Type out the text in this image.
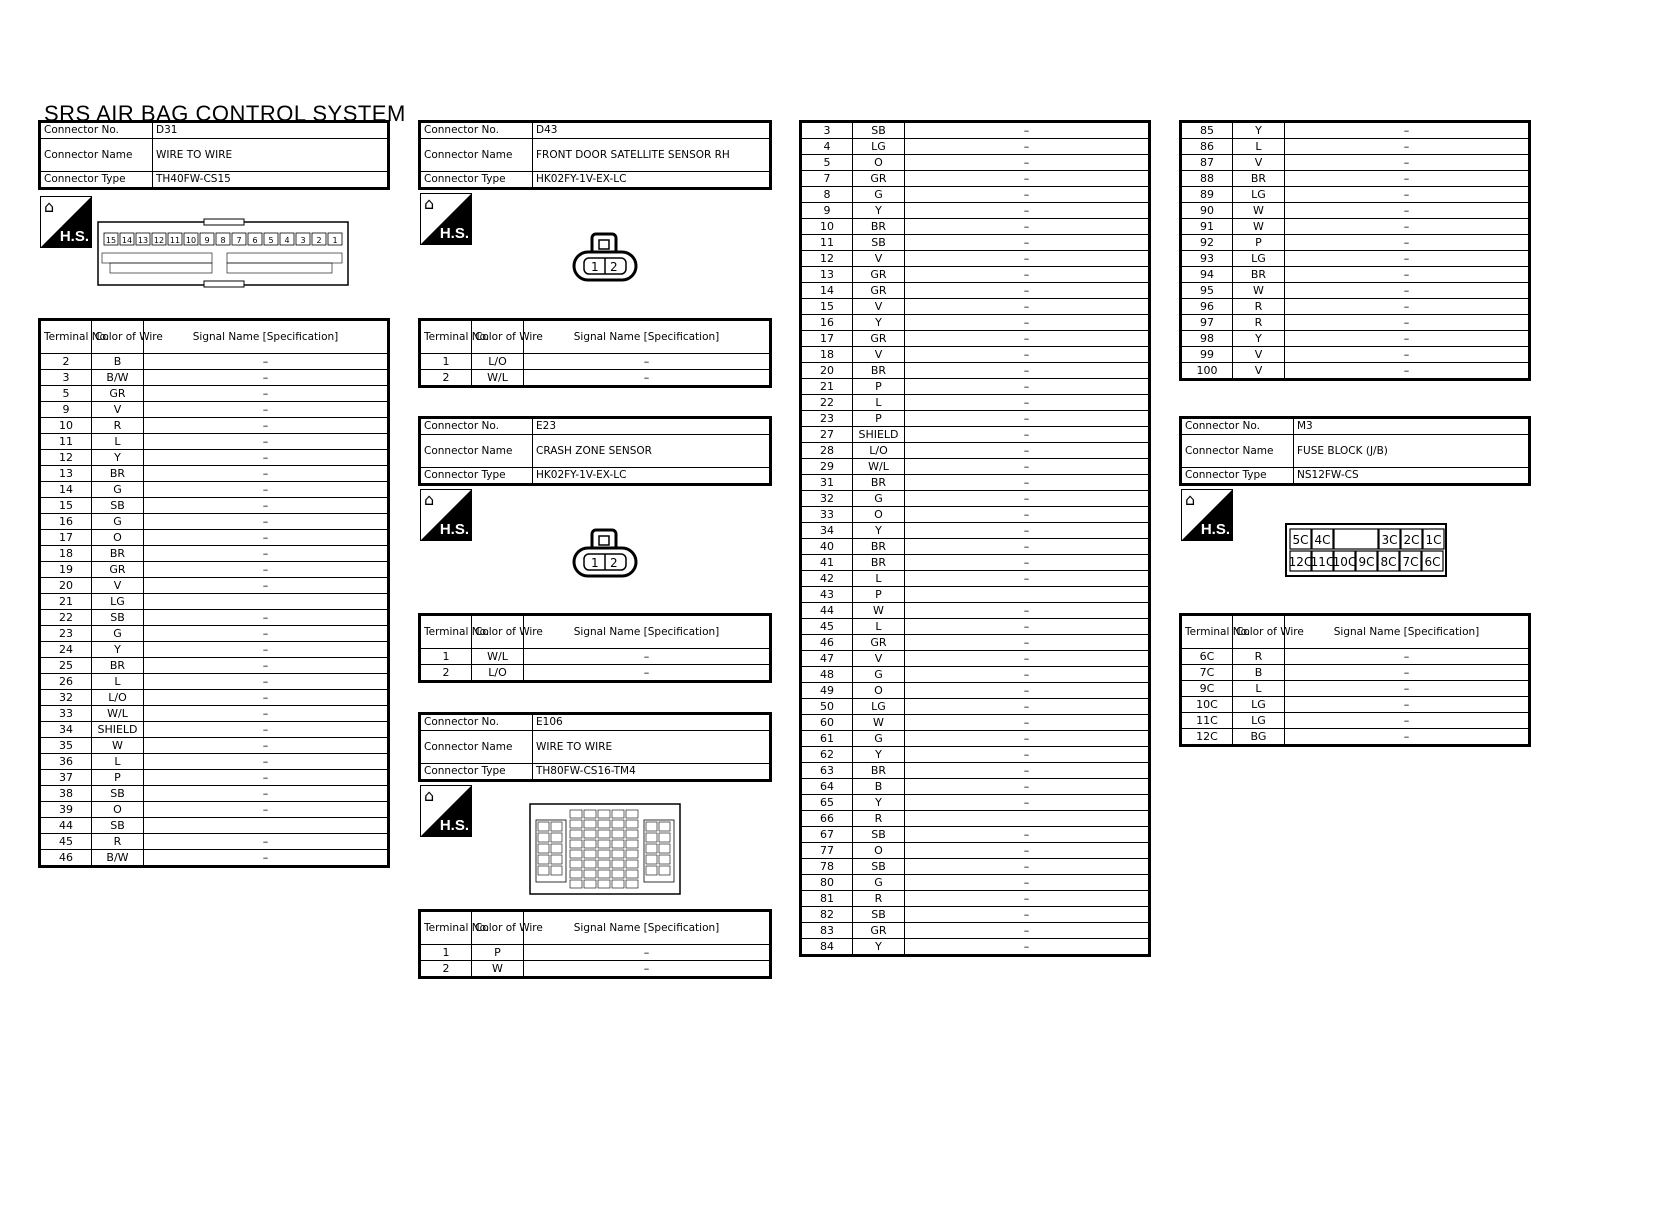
SRS AIR BAG CONTROL SYSTEM
Connector No.	D31
Connector Name	WIRE TO WIRE
Connector Type	TH40FW-CS15
⌂
H.S. 15 14 13 12 11 10 9 8 7 6 5 4 3 2 1
Terminal No.	Color of Wire	Signal Name [Specification]
2	B	–
3	B/W	–
5	GR	–
9	V	–
10	R	–
11	L	–
12	Y	–
13	BR	–
14	G	–
15	SB	–
16	G	–
17	O	–
18	BR	–
19	GR	–
20	V	–
21	LG	
22	SB	–
23	G	–
24	Y	–
25	BR	–
26	L	–
32	L/O	–
33	W/L	–
34	SHIELD	–
35	W	–
36	L	–
37	P	–
38	SB	–
39	O	–
44	SB	
45	R	–
46	B/W	–
Connector No.	D43
Connector Name	FRONT DOOR SATELLITE SENSOR RH
Connector Type	HK02FY-1V-EX-LC
⌂
H.S.
1 2
Terminal No.	Color of Wire	Signal Name [Specification]
1	L/O	–
2	W/L	–
Connector No.	E23
Connector Name	CRASH ZONE SENSOR
Connector Type	HK02FY-1V-EX-LC
⌂
H.S.
1 2
Terminal No.	Color of Wire	Signal Name [Specification]
1	W/L	–
2	L/O	–
Connector No.	E106
Connector Name	WIRE TO WIRE
Connector Type	TH80FW-CS16-TM4
⌂
H.S.
Terminal No.	Color of Wire	Signal Name [Specification]
1	P	–
2	W	–
3	SB	–
4	LG	–
5	O	–
7	GR	–
8	G	–
9	Y	–
10	BR	–
11	SB	–
12	V	–
13	GR	–
14	GR	–
15	V	–
16	Y	–
17	GR	–
18	V	–
20	BR	–
21	P	–
22	L	–
23	P	–
27	SHIELD	–
28	L/O	–
29	W/L	–
31	BR	–
32	G	–
33	O	–
34	Y	–
40	BR	–
41	BR	–
42	L	–
43	P	
44	W	–
45	L	–
46	GR	–
47	V	–
48	G	–
49	O	–
50	LG	–
60	W	–
61	G	–
62	Y	–
63	BR	–
64	B	–
65	Y	–
66	R	
67	SB	–
77	O	–
78	SB	–
80	G	–
81	R	–
82	SB	–
83	GR	–
84	Y	–
85	Y	–
86	L	–
87	V	–
88	BR	–
89	LG	–
90	W	–
91	W	–
92	P	–
93	LG	–
94	BR	–
95	W	–
96	R	–
97	R	–
98	Y	–
99	V	–
100	V	–
Connector No.	M3
Connector Name	FUSE BLOCK (J/B)
Connector Type	NS12FW-CS
⌂
H.S.
5C 4C	3C 2C 1C
12C
11C
10C 9C 8C 7C 6C
Terminal No.	Color of Wire	Signal Name [Specification]
6C	R	–
7C	B	–
9C	L	–
10C	LG	–
11C	LG	–
12C	BG	–
